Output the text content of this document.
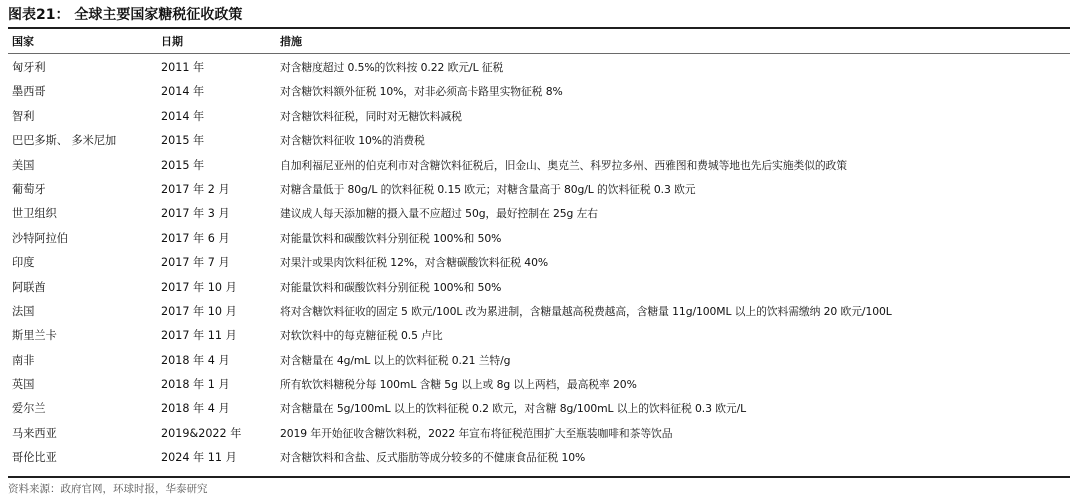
图表21： 全球主要国家糖税征收政策
国家	日期	措施
匈牙利	2011 年	对含糖度超过 0.5%的饮料按 0.22 欧元/L 征税
墨西哥	2014 年	对含糖饮料额外征税 10%，对非必须高卡路里实物征税 8%
智利	2014 年	对含糖饮料征税，同时对无糖饮料减税
巴巴多斯、 多米尼加	2015 年	对含糖饮料征收 10%的消费税
美国	2015 年	自加利福尼亚州的伯克利市对含糖饮料征税后，旧金山、奥克兰、科罗拉多州、西雅图和费城等地也先后实施类似的政策
葡萄牙	2017 年 2 月	对糖含量低于 80g/L 的饮料征税 0.15 欧元；对糖含量高于 80g/L 的饮料征税 0.3 欧元
世卫组织	2017 年 3 月	建议成人每天添加糖的摄入量不应超过 50g，最好控制在 25g 左右
沙特阿拉伯	2017 年 6 月	对能量饮料和碳酸饮料分别征税 100%和 50%
印度	2017 年 7 月	对果汁或果肉饮料征税 12%，对含糖碳酸饮料征税 40%
阿联酋	2017 年 10 月	对能量饮料和碳酸饮料分别征税 100%和 50%
法国	2017 年 10 月	将对含糖饮料征收的固定 5 欧元/100L 改为累进制，含糖量越高税费越高，含糖量 11g/100ML 以上的饮料需缴纳 20 欧元/100L
斯里兰卡	2017 年 11 月	对软饮料中的每克糖征税 0.5 卢比
南非	2018 年 4 月	对含糖量在 4g/mL 以上的饮料征税 0.21 兰特/g
英国	2018 年 1 月	所有软饮料糖税分每 100mL 含糖 5g 以上或 8g 以上两档，最高税率 20%
爱尔兰	2018 年 4 月	对含糖量在 5g/100mL 以上的饮料征税 0.2 欧元，对含糖 8g/100mL 以上的饮料征税 0.3 欧元/L
马来西亚	2019&2022 年	2019 年开始征收含糖饮料税，2022 年宣布将征税范围扩大至瓶装咖啡和茶等饮品
哥伦比亚	2024 年 11 月	对含糖饮料和含盐、反式脂肪等成分较多的不健康食品征税 10%
资料来源：政府官网，环球时报，华泰研究
